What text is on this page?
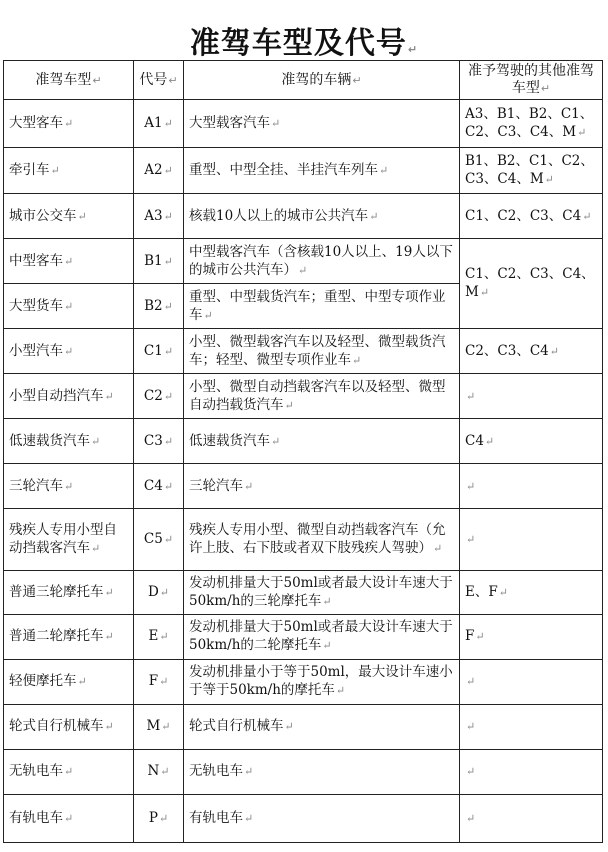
准驾车型及代号↵
准驾车型↵	代号↵	准驾的车辆↵	准予驾驶的其他准驾车型↵
大型客车↵	A1↵	大型载客汽车↵	A3、B1、B2、C1、C2、C3、C4、M↵
牵引车↵	A2↵	重型、中型全挂、半挂汽车列车↵	B1、B2、C1、C2、C3、C4、M↵
城市公交车↵	A3↵	核载10人以上的城市公共汽车↵	C1、C2、C3、C4↵
中型客车↵	B1↵	中型载客汽车（含核载10人以上、19人以下的城市公共汽车）↵	C1、C2、C3、C4、M↵
大型货车↵	B2↵	重型、中型载货汽车；重型、中型专项作业车↵	
小型汽车↵	C1↵	小型、微型载客汽车以及轻型、微型载货汽车；轻型、微型专项作业车↵	C2、C3、C4↵
小型自动挡汽车↵	C2↵	小型、微型自动挡载客汽车以及轻型、微型自动挡载货汽车↵	↵
低速载货汽车↵	C3↵	低速载货汽车↵	C4↵
三轮汽车↵	C4↵	三轮汽车↵	↵
残疾人专用小型自动挡载客汽车↵	C5↵	残疾人专用小型、微型自动挡载客汽车（允许上肢、右下肢或者双下肢残疾人驾驶）↵	↵
普通三轮摩托车↵	D↵	发动机排量大于50ml或者最大设计车速大于50km/h的三轮摩托车↵	E、F↵
普通二轮摩托车↵	E↵	发动机排量大于50ml或者最大设计车速大于50km/h的二轮摩托车↵	F↵
轻便摩托车↵	F↵	发动机排量小于等于50ml，最大设计车速小于等于50km/h的摩托车↵	↵
轮式自行机械车↵	M↵	轮式自行机械车↵	↵
无轨电车↵	N↵	无轨电车↵	↵
有轨电车↵	P↵	有轨电车↵	↵
